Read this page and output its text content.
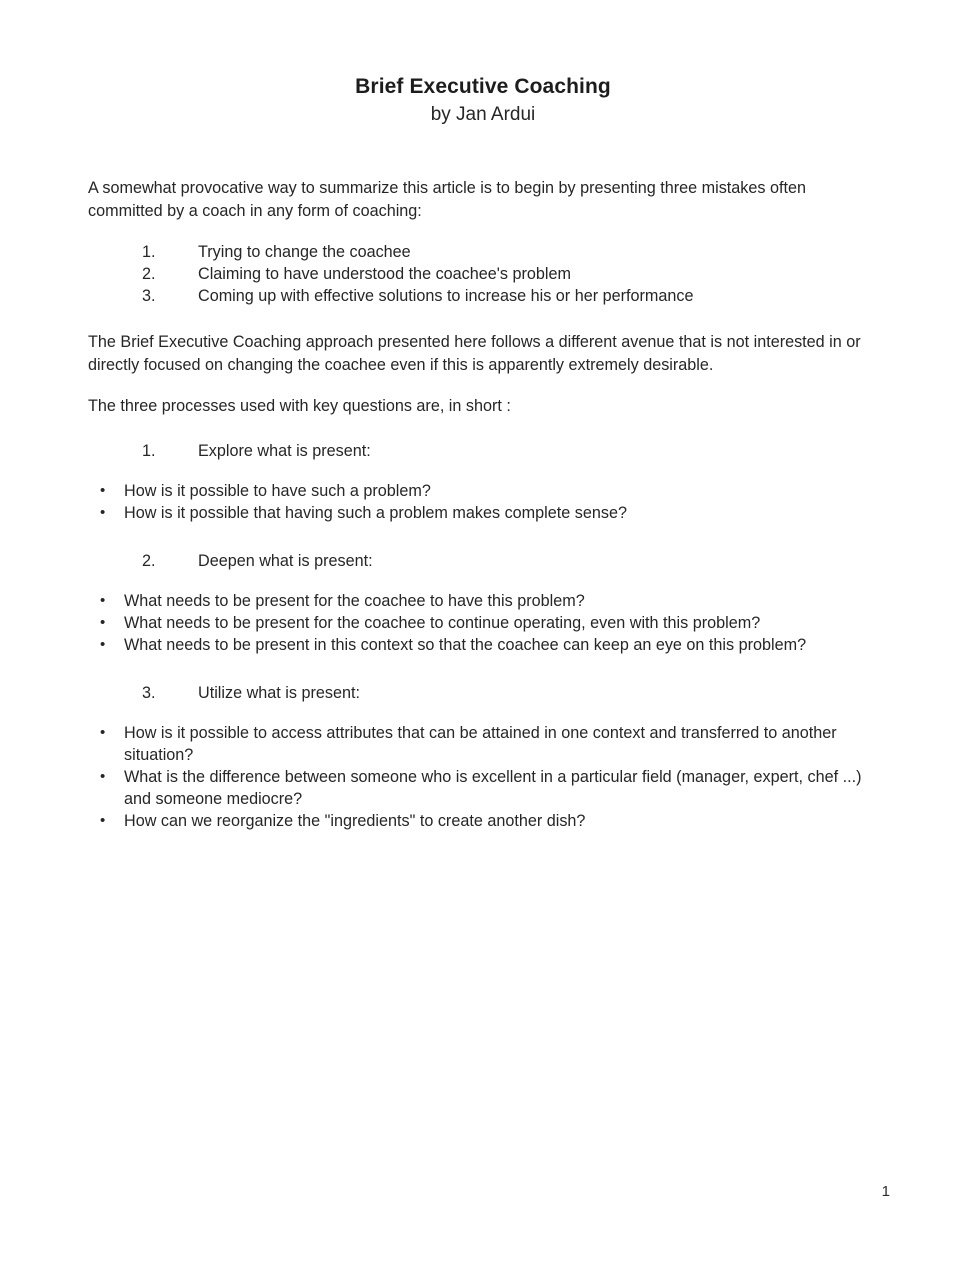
Brief Executive Coaching
by Jan Ardui

A somewhat provocative way to summarize this article is to begin by presenting three mistakes often committed by a coach in any form of coaching:

1.	Trying to change the coachee
2.	Claiming to have understood the coachee's problem
3.	Coming up with effective solutions to increase his or her performance

The Brief Executive Coaching approach presented here follows a different avenue that is not interested in or directly focused on changing the coachee even if this is apparently extremely desirable.

The three processes used with key questions are, in short :

1.	Explore what is present:
• How is it possible to have such a problem?
• How is it possible that having such a problem makes complete sense?
2.	Deepen what is present:
• What needs to be present for the coachee to have this problem?
• What needs to be present for the coachee to continue operating, even with this problem?
• What needs to be present in this context so that the coachee can keep an eye on this problem?
3.	Utilize what is present:
• How is it possible to access attributes that can be attained in one context and transferred to another situation?
• What is the difference between someone who is excellent in a particular field (manager, expert, chef ...) and someone mediocre?
• How can we reorganize the "ingredients" to create another dish?
1
